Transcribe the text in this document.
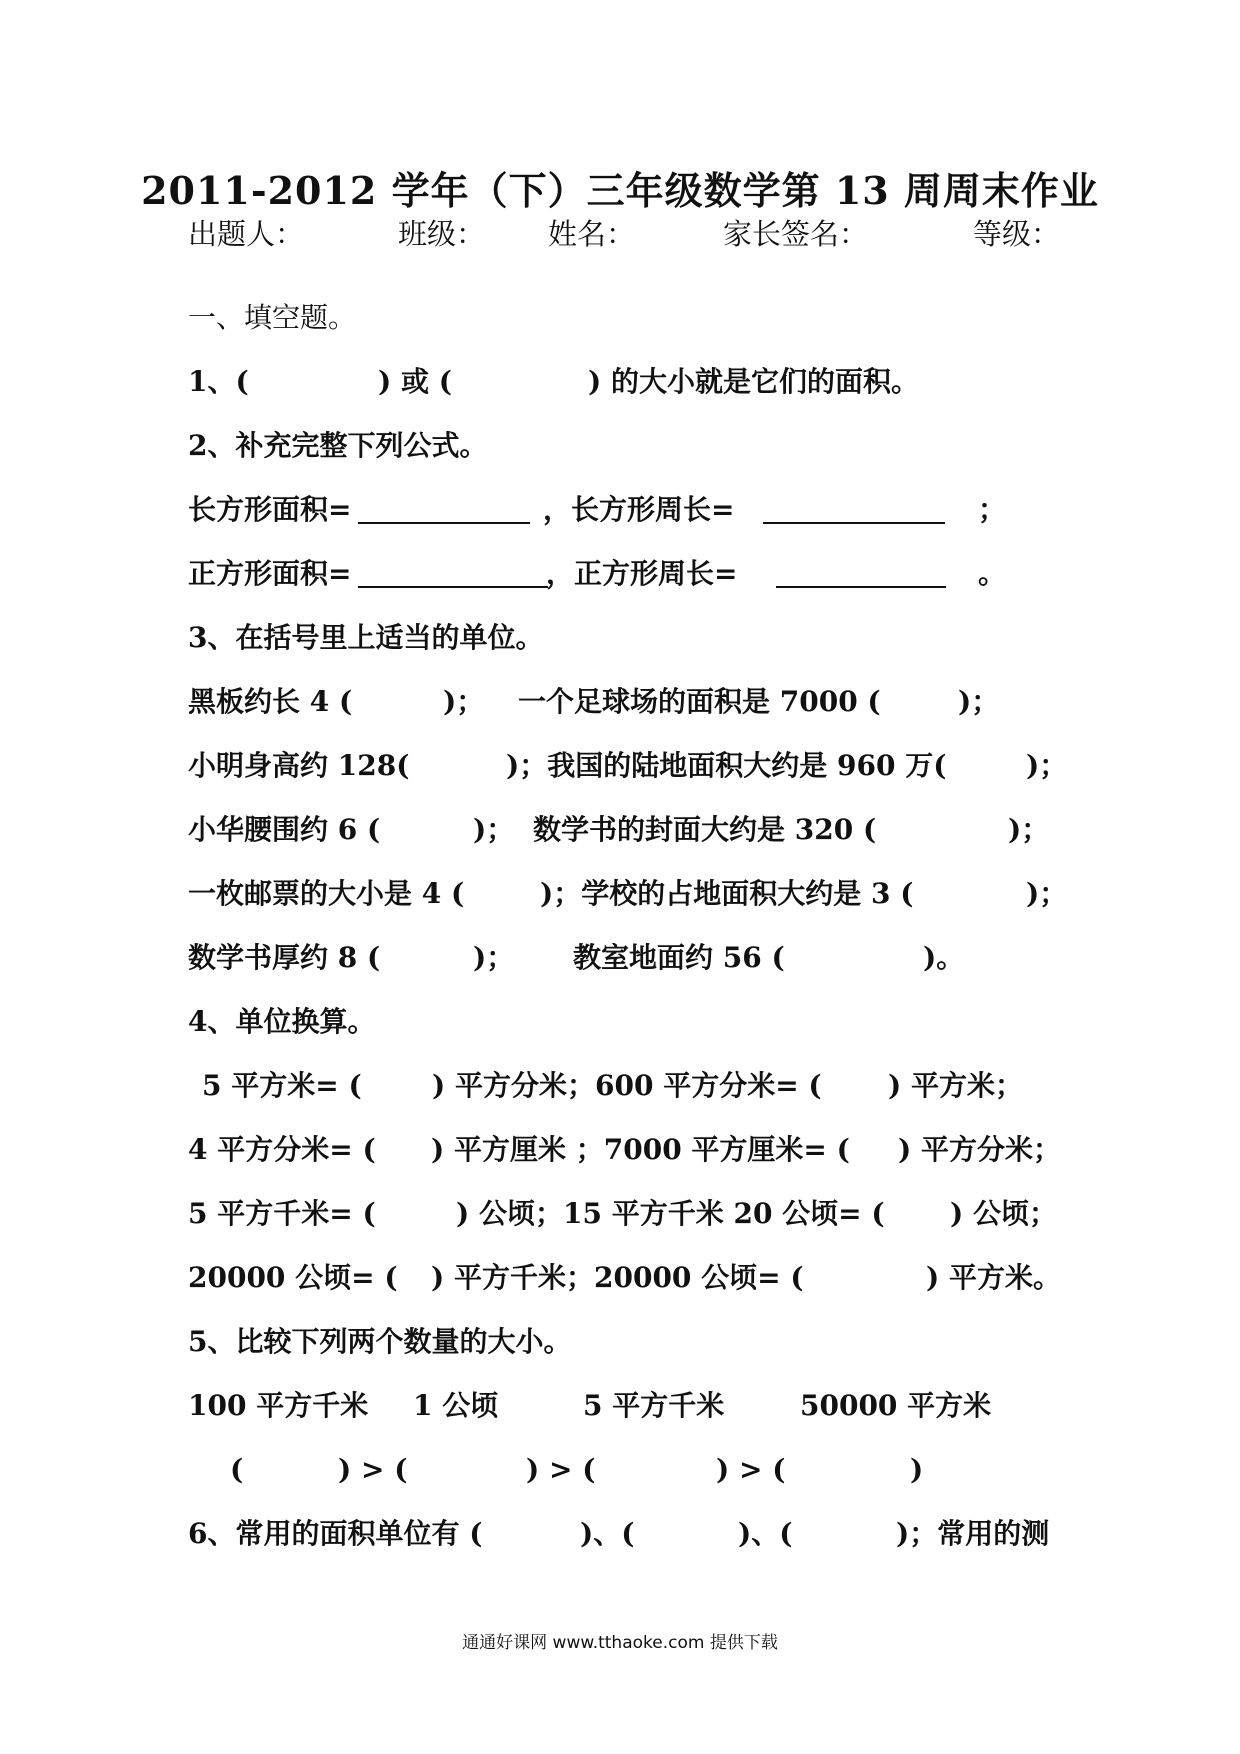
2011-2012 学年（下）三年级数学第 13 周周末作业
出题人：	班级： 姓名：	家长签名：	等级：
一、填空题。
1、(	) 或 (	) 的大小就是它们的面积。
2、补充完整下列公式。
长方形面积=	，长方形周长=	；
正方形面积=	，正方形周长=	。
3、在括号里上适当的单位。
黑板约长 4 (	)； 一个足球场的面积是 7000 (	)；
小明身高约 128(	)；我国的陆地面积大约是 960 万(	)；
小华腰围约 6 (	)； 数学书的封面大约是 320 (	)；
一枚邮票的大小是 4 (	)；学校的占地面积大约是 3 (	)；
数学书厚约 8 (	)； 教室地面约 56 (	)。
4、单位换算。
5 平方米= (	) 平方分米；600 平方分米= ( ) 平方米；
4 平方分米= ( ) 平方厘米 ；7000 平方厘米= ( ) 平方分米；
5 平方千米= (	) 公顷；15 平方千米 20 公顷= ( ) 公顷；
20000 公顷= ( ) 平方千米；20000 公顷= (	) 平方米。
5、比较下列两个数量的大小。
100 平方千米 1 公顷	5 平方千米	50000 平方米
(	) > (	) > (	) > (	)
6、常用的面积单位有 (	)、(	)、(	)；常用的测
通通好课网 www.tthaoke.com 提供下载
